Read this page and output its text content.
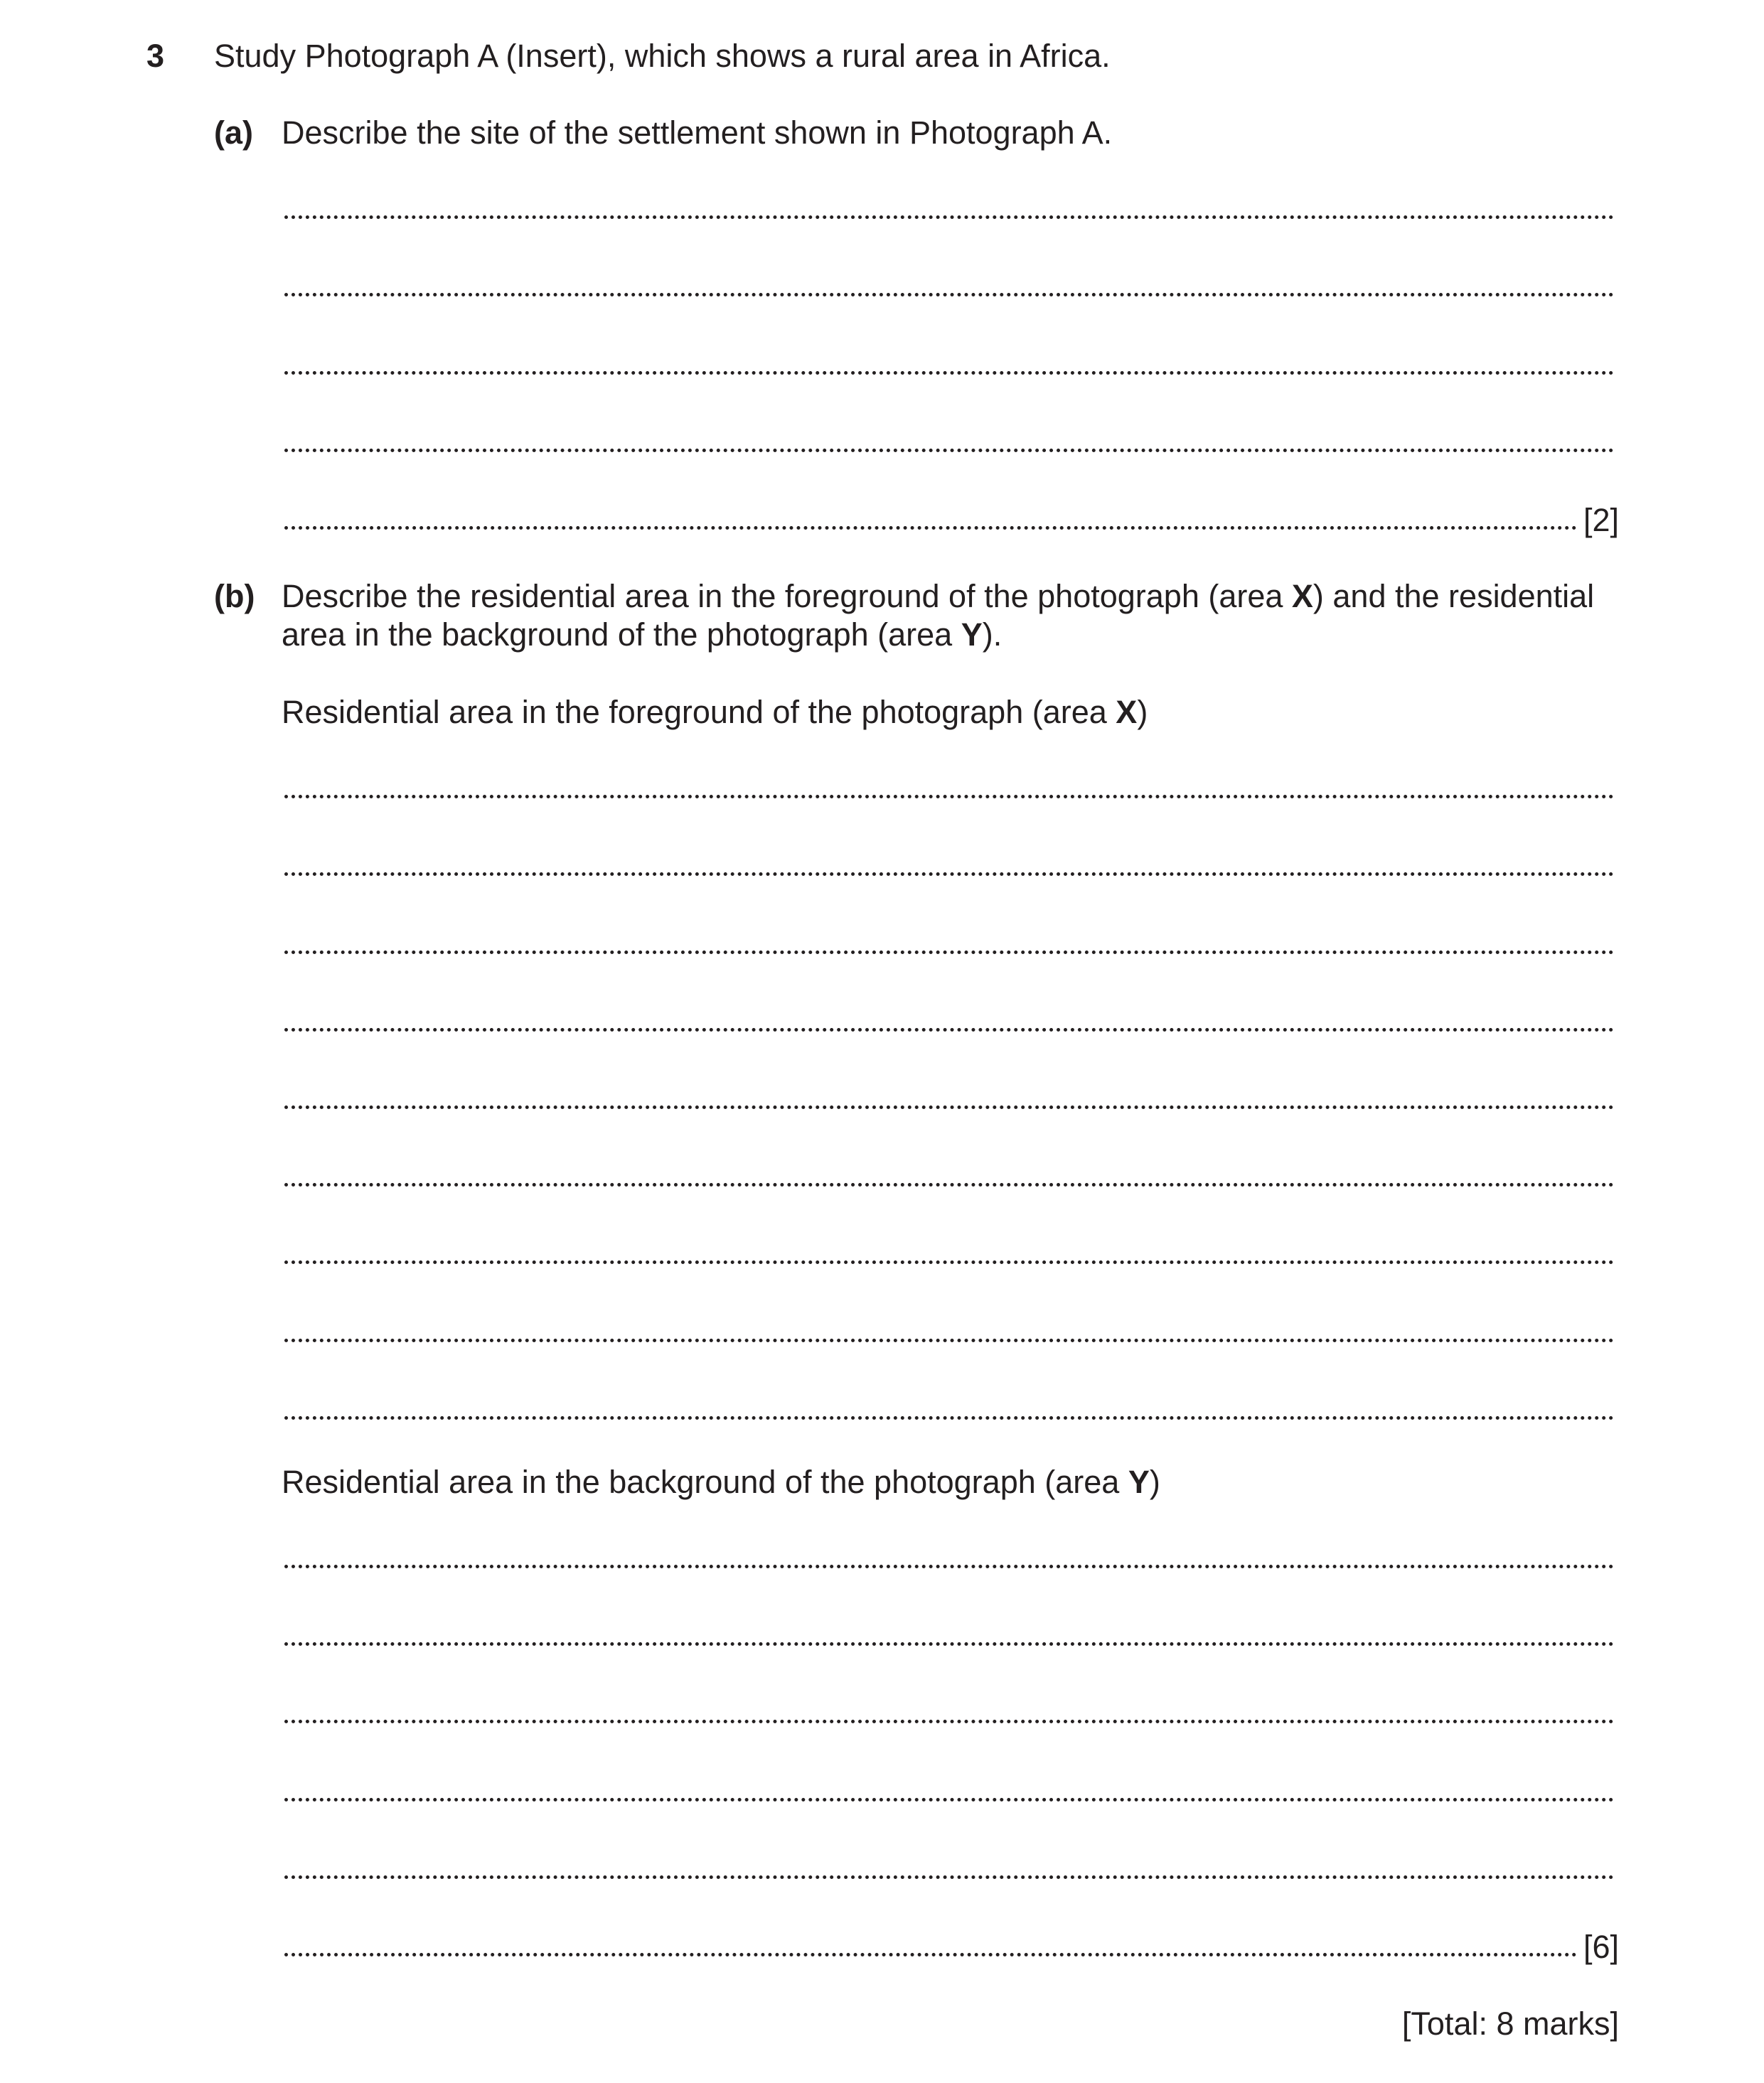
3 Study Photograph A (Insert), which shows a rural area in Africa.
(a) Describe the site of the settlement shown in Photograph A.
[2]
(b) Describe the residential area in the foreground of the photograph (area X) and the residential
area in the background of the photograph (area Y).
Residential area in the foreground of the photograph (area X)
Residential area in the background of the photograph (area Y)
[6]
[Total: 8 marks]
